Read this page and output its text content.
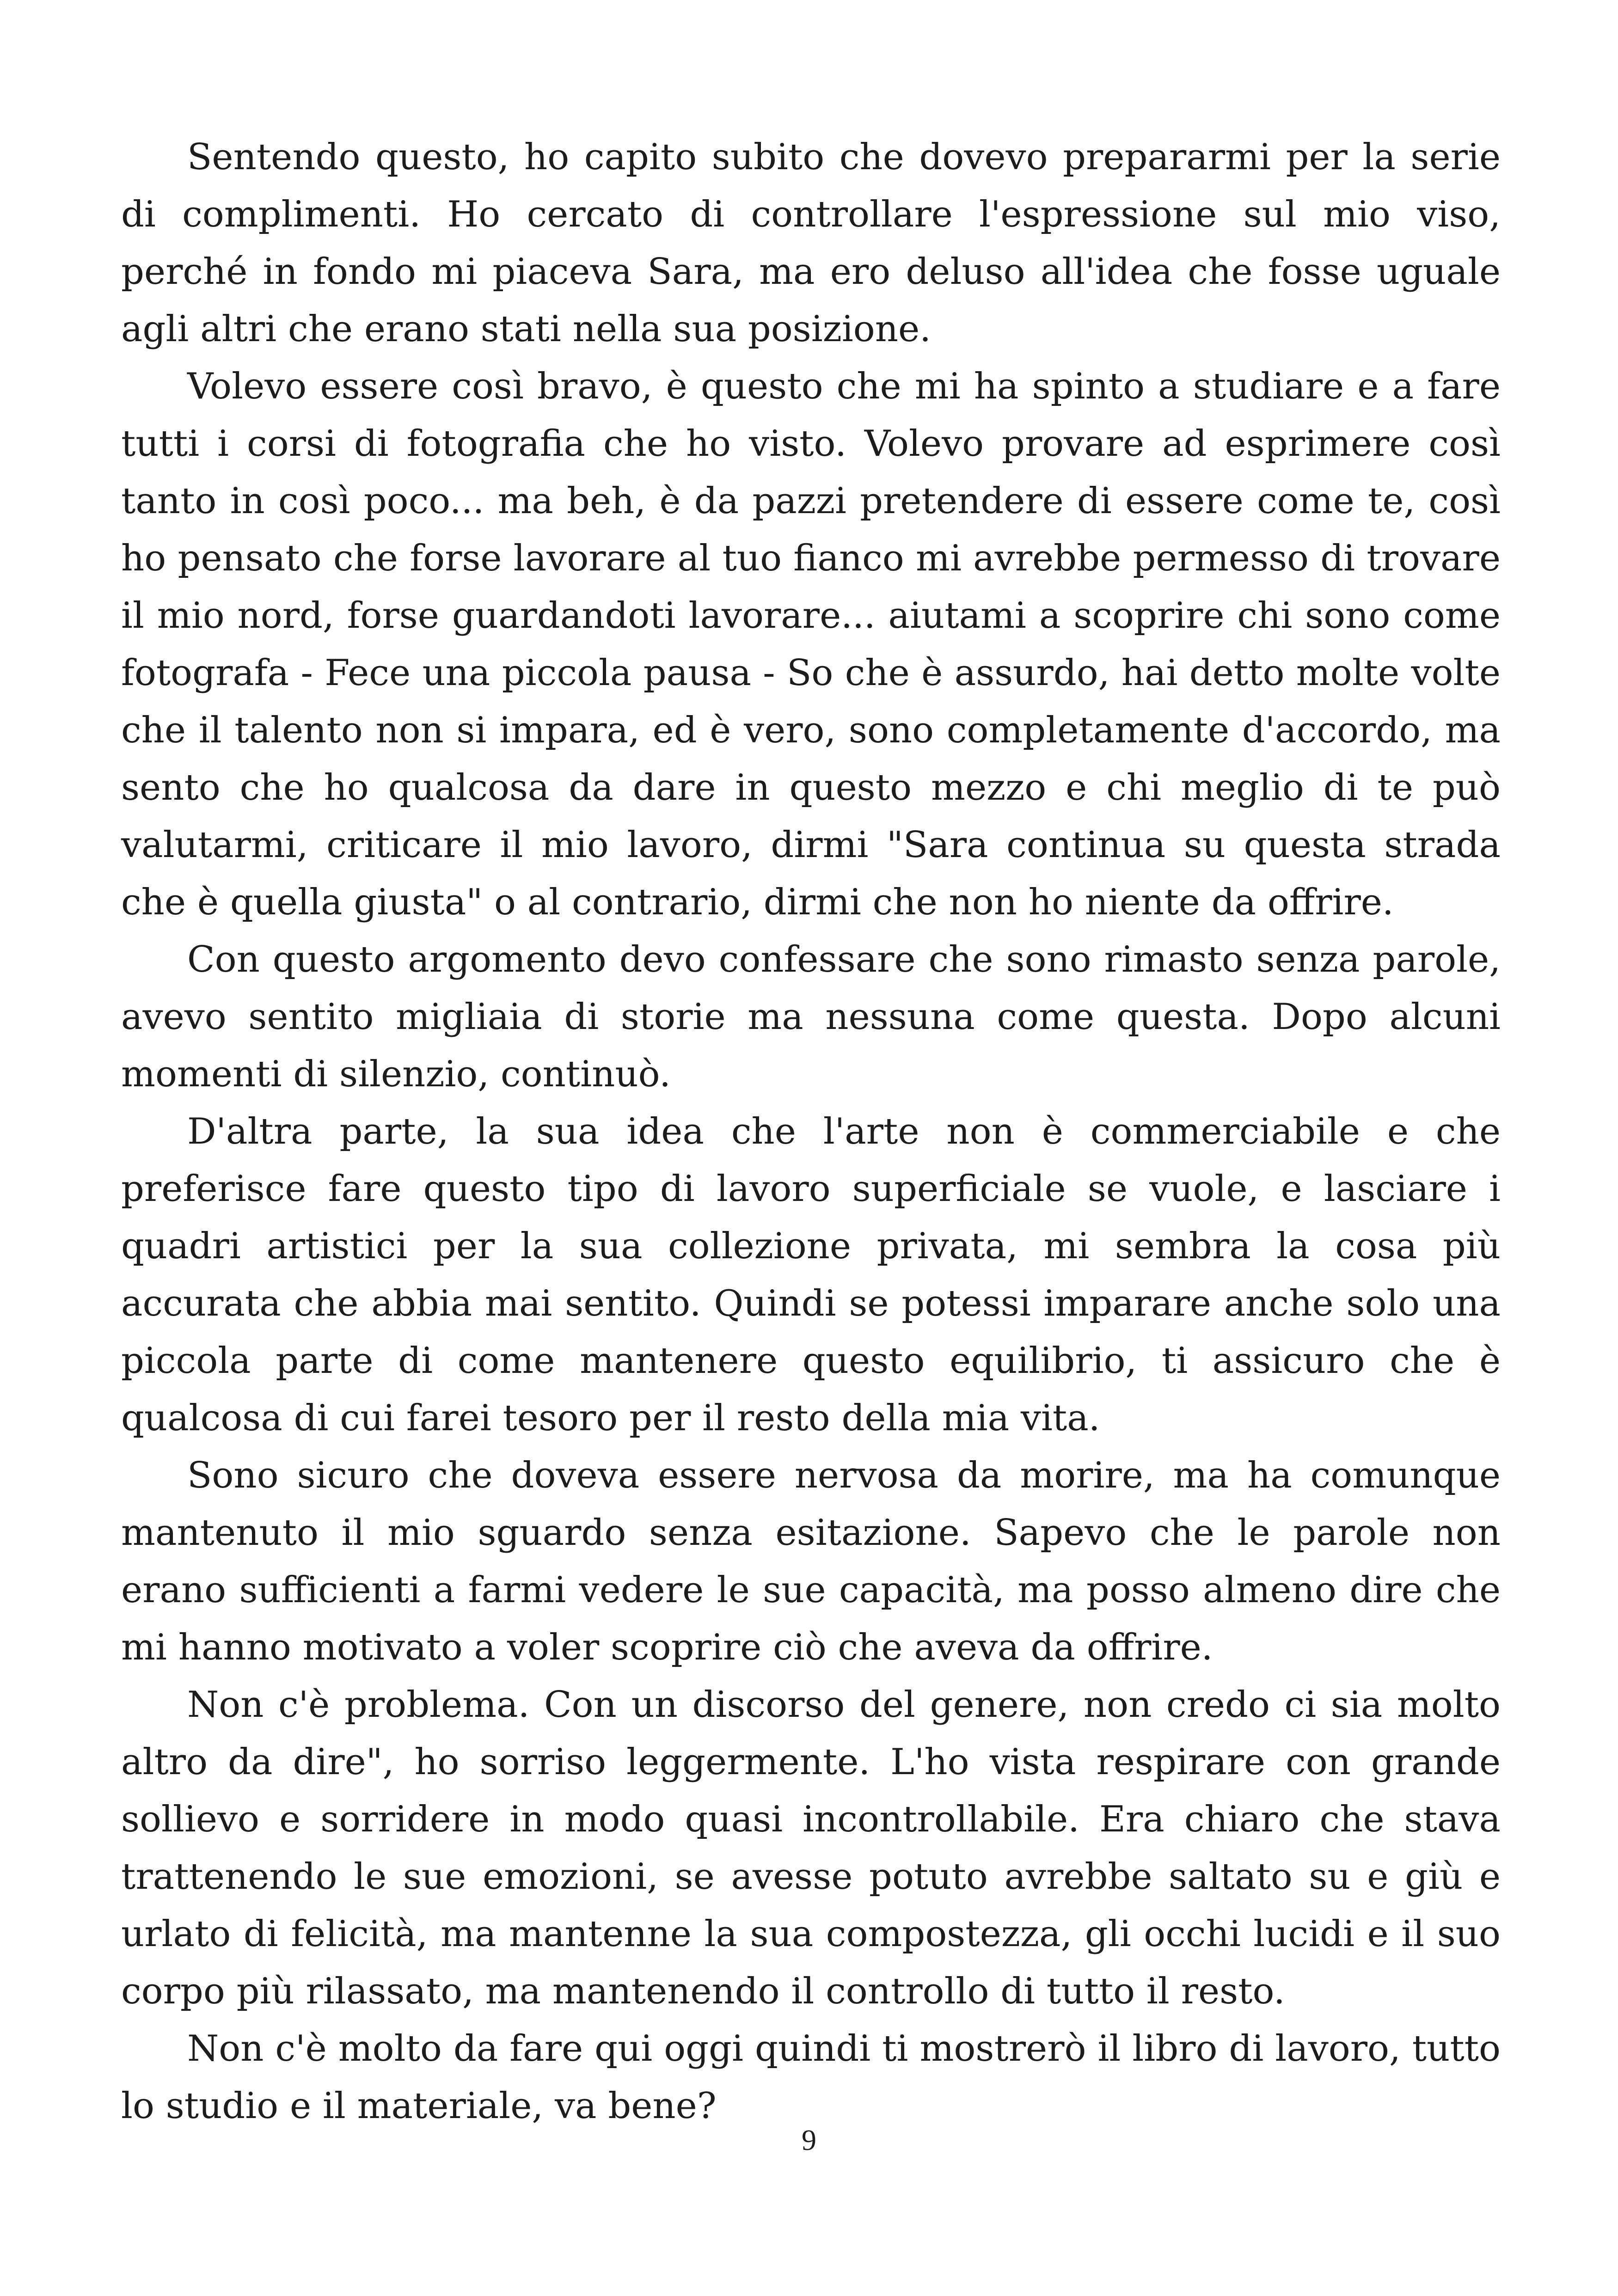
Sentendo questo, ho capito subito che dovevo prepararmi per la serie di complimenti. Ho cercato di controllare l'espressione sul mio viso, perché in fondo mi piaceva Sara, ma ero deluso all'idea che fosse uguale agli altri che erano stati nella sua posizione.

Volevo essere così bravo, è questo che mi ha spinto a studiare e a fare tutti i corsi di fotografia che ho visto. Volevo provare ad esprimere così tanto in così poco... ma beh, è da pazzi pretendere di essere come te, così ho pensato che forse lavorare al tuo fianco mi avrebbe permesso di trovare il mio nord, forse guardandoti lavorare... aiutami a scoprire chi sono come fotografa - Fece una piccola pausa - So che è assurdo, hai detto molte volte che il talento non si impara, ed è vero, sono completamente d'accordo, ma sento che ho qualcosa da dare in questo mezzo e chi meglio di te può valutarmi, criticare il mio lavoro, dirmi "Sara continua su questa strada che è quella giusta" o al contrario, dirmi che non ho niente da offrire.

Con questo argomento devo confessare che sono rimasto senza parole, avevo sentito migliaia di storie ma nessuna come questa. Dopo alcuni momenti di silenzio, continuò.

D'altra parte, la sua idea che l'arte non è commerciabile e che preferisce fare questo tipo di lavoro superficiale se vuole, e lasciare i quadri artistici per la sua collezione privata, mi sembra la cosa più accurata che abbia mai sentito. Quindi se potessi imparare anche solo una piccola parte di come mantenere questo equilibrio, ti assicuro che è qualcosa di cui farei tesoro per il resto della mia vita.

Sono sicuro che doveva essere nervosa da morire, ma ha comunque mantenuto il mio sguardo senza esitazione. Sapevo che le parole non erano sufficienti a farmi vedere le sue capacità, ma posso almeno dire che mi hanno motivato a voler scoprire ciò che aveva da offrire.

Non c'è problema. Con un discorso del genere, non credo ci sia molto altro da dire", ho sorriso leggermente. L'ho vista respirare con grande sollievo e sorridere in modo quasi incontrollabile. Era chiaro che stava trattenendo le sue emozioni, se avesse potuto avrebbe saltato su e giù e urlato di felicità, ma mantenne la sua compostezza, gli occhi lucidi e il suo corpo più rilassato, ma mantenendo il controllo di tutto il resto.

Non c'è molto da fare qui oggi quindi ti mostrerò il libro di lavoro, tutto lo studio e il materiale, va bene?

9
